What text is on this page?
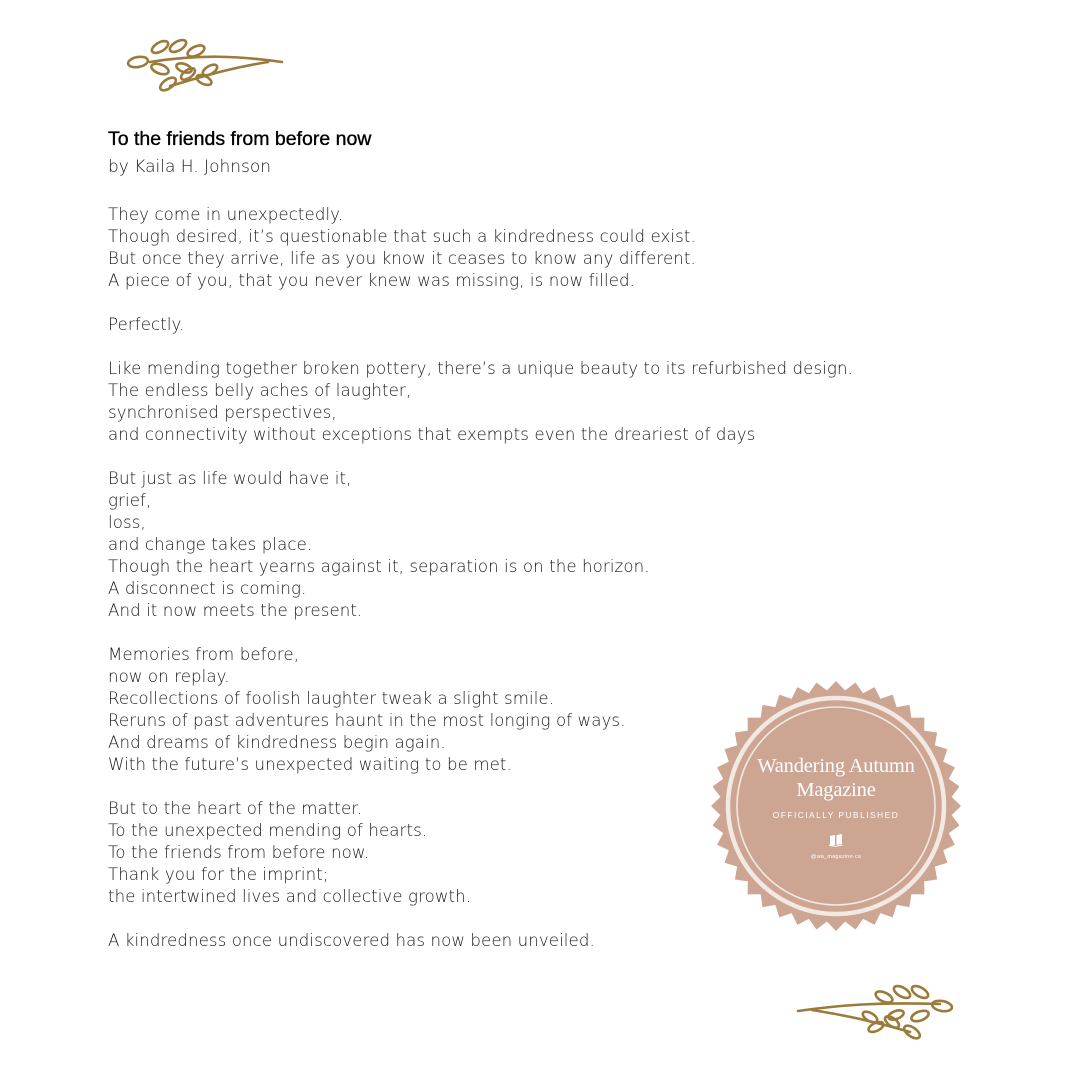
To the friends from before now
by Kaila H. Johnson
They come in unexpectedly.
Though desired, it’s questionable that such a kindredness could exist.
But once they arrive, life as you know it ceases to know any different.
A piece of you, that you never knew was missing, is now filled.
Perfectly.
Like mending together broken pottery, there’s a unique beauty to its refurbished design.
The endless belly aches of laughter,
synchronised perspectives,
and connectivity without exceptions that exempts even the dreariest of days
But just as life would have it,
grief,
loss,
and change takes place.
Though the heart yearns against it, separation is on the horizon.
A disconnect is coming.
And it now meets the present.
Memories from before,
now on replay.
Recollections of foolish laughter tweak a slight smile.
Reruns of past adventures haunt in the most longing of ways.
And dreams of kindredness begin again.
With the future’s unexpected waiting to be met.
But to the heart of the matter.
To the unexpected mending of hearts.
To the friends from before now.
Thank you for the imprint;
the intertwined lives and collective growth.
A kindredness once undiscovered has now been unveiled.
Wandering Autumn
Magazine
OFFICIALLY PUBLISHED
@wa_magazine·ca
